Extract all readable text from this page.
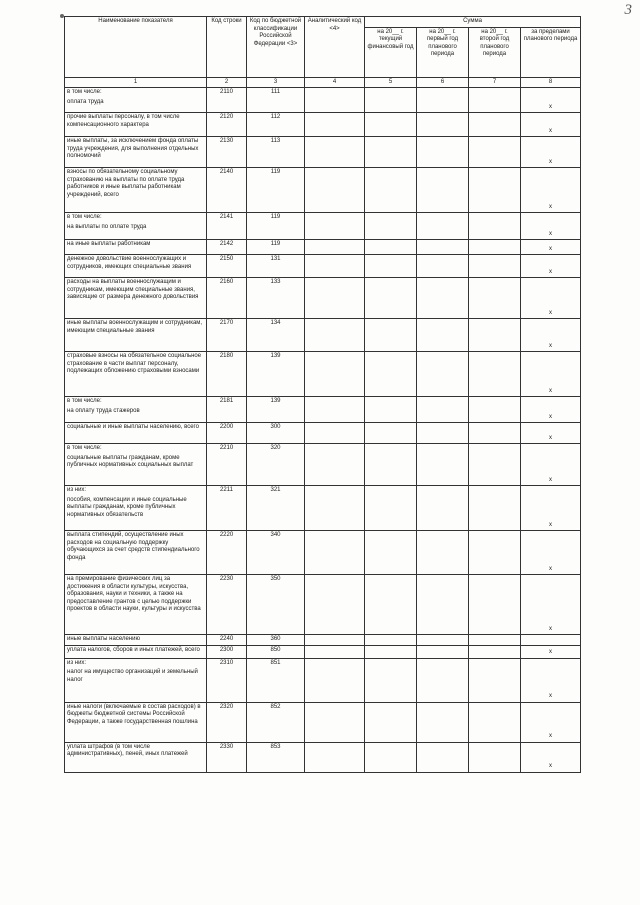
3
Наименование показателя	Код строки	Код по бюджетной классификации Российской Федерации <3>	Аналитический код <4>	Сумма			
				на 20__ г. текущий финансовый год	на 20__ г. первый год планового периода	на 20__ г. второй год планового периода	за пределами планового периода
1	2	3	4	5	6	7	8

в том числе:
оплата труда	2110	111					x

прочие выплаты персоналу, в том числе компенсационного характера	2120	112					x

иные выплаты, за исключением фонда оплаты труда учреждения, для выполнения отдельных полномочий	2130	113					x

взносы по обязательному социальному страхованию на выплаты по оплате труда работников и иные выплаты работникам учреждений, всего	2140	119					x

в том числе:
на выплаты по оплате труда	2141	119					x

на иные выплаты работникам	2142	119					x

денежное довольствие военнослужащих и сотрудников, имеющих специальные звания	2150	131					x

расходы на выплаты военнослужащим и сотрудникам, имеющим специальные звания, зависящие от размера денежного довольствия	2160	133					x

иные выплаты военнослужащим и сотрудникам, имеющим специальные звания	2170	134					x

страховые взносы на обязательное социальное страхование в части выплат персоналу, подлежащих обложению страховыми взносами	2180	139					x

в том числе:
на оплату труда стажеров	2181	139					x

социальные и иные выплаты населению, всего	2200	300					x

в том числе:
социальные выплаты гражданам, кроме публичных нормативных социальных выплат	2210	320					x

из них:
пособия, компенсации и иные социальные выплаты гражданам, кроме публичных нормативных обязательств	2211	321					x

выплата стипендий, осуществление иных расходов на социальную поддержку обучающихся за счет средств стипендиального фонда	2220	340					x

на премирование физических лиц за достижения в области культуры, искусства, образования, науки и техники, а также на предоставление грантов с целью поддержки проектов в области науки, культуры и искусства	2230	350					x

иные выплаты населению	2240	360					

уплата налогов, сборов и иных платежей, всего	2300	850					x

из них:
налог на имущество организаций и земельный налог	2310	851					x

иные налоги (включаемые в состав расходов) в бюджеты бюджетной системы Российской Федерации, а также государственная пошлина	2320	852					x

уплата штрафов (в том числе административных), пеней, иных платежей	2330	853					x
